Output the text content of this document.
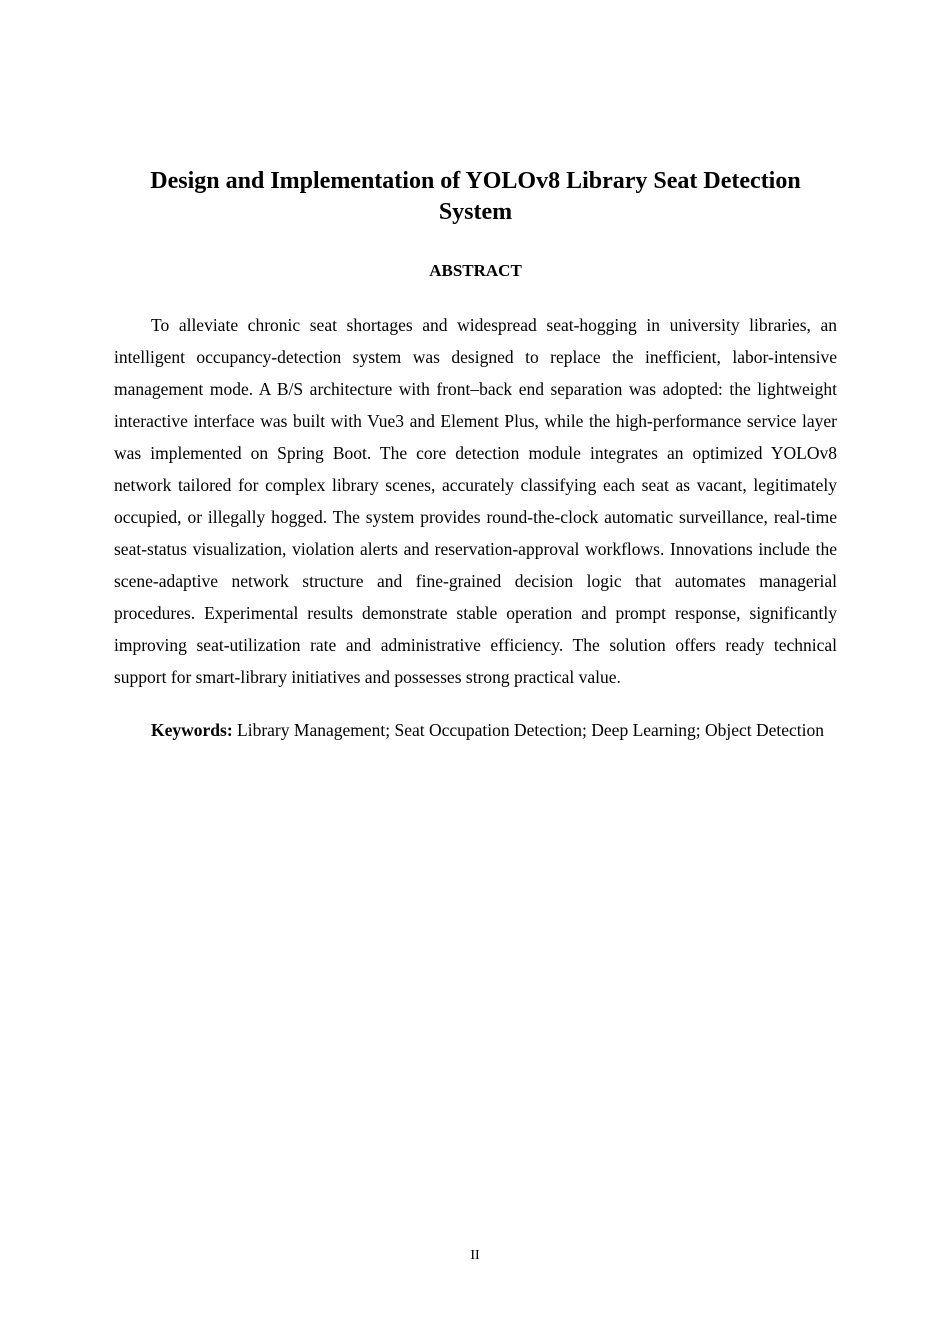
Design and Implementation of YOLOv8 Library Seat Detection System
ABSTRACT

To alleviate chronic seat shortages and widespread seat-hogging in university libraries, an intelligent occupancy-detection system was designed to replace the inefficient, labor-intensive management mode. A B/S architecture with front–back end separation was adopted: the lightweight interactive interface was built with Vue3 and Element Plus, while the high-performance service layer was implemented on Spring Boot. The core detection module integrates an optimized YOLOv8 network tailored for complex library scenes, accurately classifying each seat as vacant, legitimately occupied, or illegally hogged. The system provides round-the-clock automatic surveillance, real-time seat-status visualization, violation alerts and reservation-approval workflows. Innovations include the scene-adaptive network structure and fine-grained decision logic that automates managerial procedures. Experimental results demonstrate stable operation and prompt response, significantly improving seat-utilization rate and administrative efficiency. The solution offers ready technical support for smart-library initiatives and possesses strong practical value.

Keywords: Library Management; Seat Occupation Detection; Deep Learning; Object Detection

II
